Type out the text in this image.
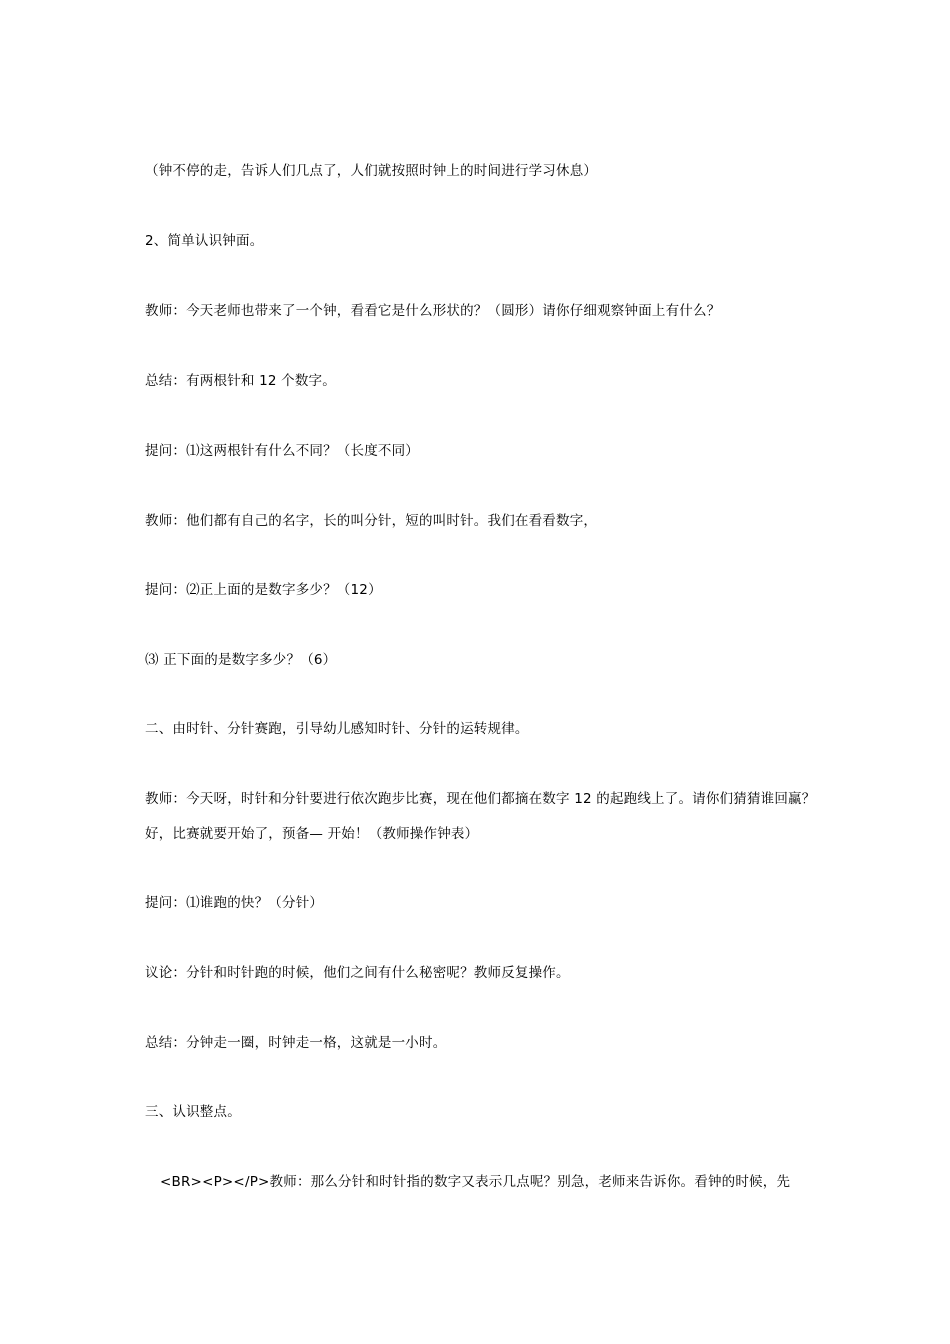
（钟不停的走，告诉人们几点了，人们就按照时钟上的时间进行学习休息）
2、简单认识钟面。
教师：今天老师也带来了一个钟，看看它是什么形状的？（圆形）请你仔细观察钟面上有什么？
总结：有两根针和 12 个数字。
提问：⑴这两根针有什么不同？（长度不同）
教师：他们都有自己的名字，长的叫分针，短的叫时针。我们在看看数字，
提问：⑵正上面的是数字多少？（12）
⑶ 正下面的是数字多少？（6）
二、由时针、分针赛跑，引导幼儿感知时针、分针的运转规律。
教师：今天呀，时针和分针要进行依次跑步比赛，现在他们都摘在数字 12 的起跑线上了。请你们猜猜谁回赢？
好，比赛就要开始了，预备— 开始！（教师操作钟表）
提问：⑴谁跑的快？（分针）
议论：分针和时针跑的时候，他们之间有什么秘密呢？教师反复操作。
总结：分钟走一圈，时钟走一格，这就是一小时。
三、认识整点。
<BR><P></P>教师：那么分针和时针指的数字又表示几点呢？别急，老师来告诉你。看钟的时候，先
